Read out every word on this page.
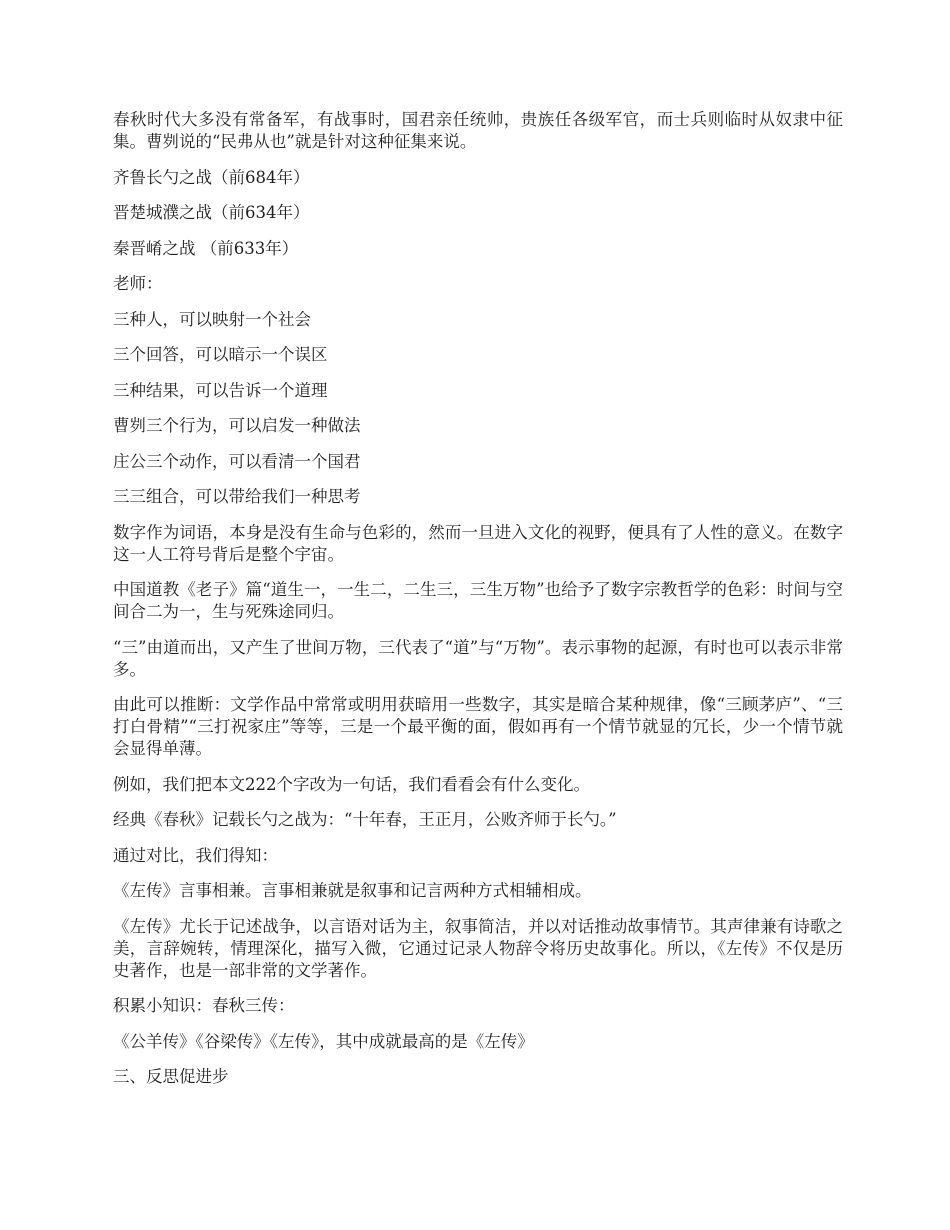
春秋时代大多没有常备军，有战事时，国君亲任统帅，贵族任各级军官，而士兵则临时从奴隶中征集。曹刿说的“民弗从也”就是针对这种征集来说。

齐鲁长勺之战（前684年）

晋楚城濮之战（前634年）

秦晋崤之战 （前633年）

老师：

三种人，可以映射一个社会

三个回答，可以暗示一个误区

三种结果，可以告诉一个道理

曹刿三个行为，可以启发一种做法

庄公三个动作，可以看清一个国君

三三组合，可以带给我们一种思考

数字作为词语，本身是没有生命与色彩的，然而一旦进入文化的视野，便具有了人性的意义。在数字这一人工符号背后是整个宇宙。

中国道教《老子》篇“道生一，一生二，二生三，三生万物”也给予了数字宗教哲学的色彩：时间与空间合二为一，生与死殊途同归。

“三”由道而出，又产生了世间万物，三代表了“道”与“万物”。表示事物的起源，有时也可以表示非常多。

由此可以推断：文学作品中常常或明用获暗用一些数字，其实是暗合某种规律，像“三顾茅庐”、“三打白骨精”“三打祝家庄”等等，三是一个最平衡的面，假如再有一个情节就显的冗长，少一个情节就会显得单薄。

例如，我们把本文222个字改为一句话，我们看看会有什么变化。

经典《春秋》记载长勺之战为：“十年春，王正月，公败齐师于长勺。”

通过对比，我们得知：

《左传》言事相兼。言事相兼就是叙事和记言两种方式相辅相成。

《左传》尤长于记述战争，以言语对话为主，叙事简洁，并以对话推动故事情节。其声律兼有诗歌之美，言辞婉转，情理深化，描写入微，它通过记录人物辞令将历史故事化。所以，《左传》不仅是历史著作，也是一部非常的文学著作。

积累小知识：春秋三传：

《公羊传》《谷梁传》《左传》，其中成就最高的是《左传》

三、反思促进步
